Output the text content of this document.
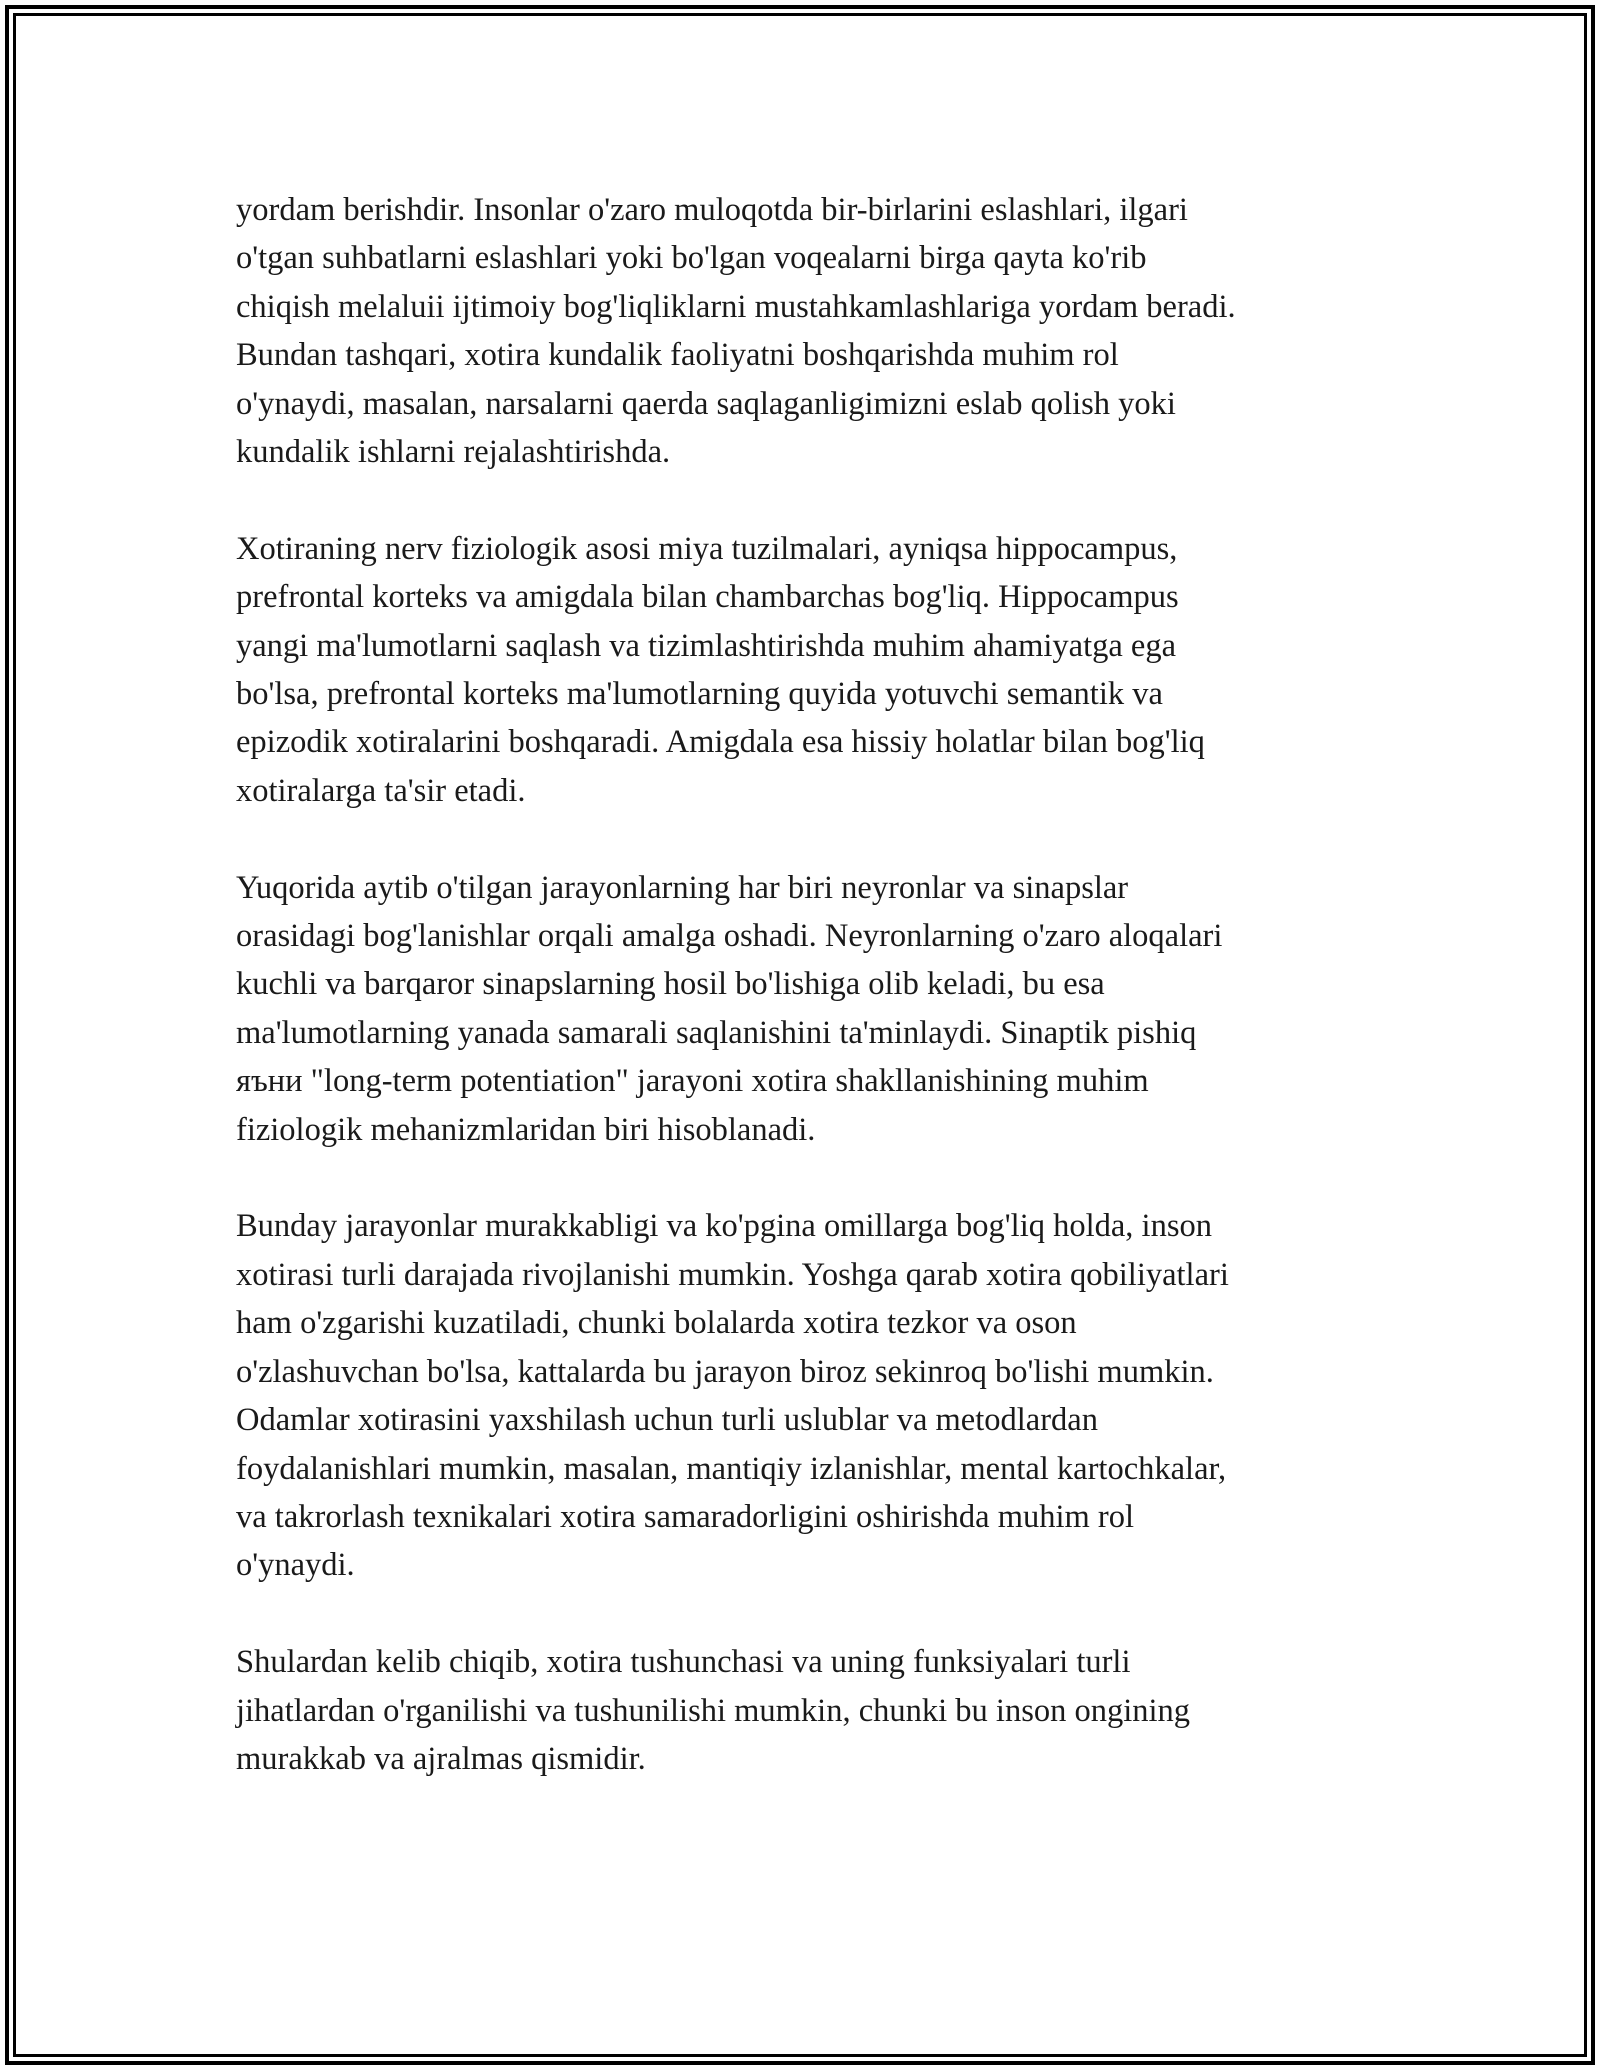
yordam berishdir. Insonlar o'zaro muloqotda bir-birlarini eslashlari, ilgari
o'tgan suhbatlarni eslashlari yoki bo'lgan voqealarni birga qayta ko'rib
chiqish melaluii ijtimoiy bog'liqliklarni mustahkamlashlariga yordam beradi.
Bundan tashqari, xotira kundalik faoliyatni boshqarishda muhim rol
o'ynaydi, masalan, narsalarni qaerda saqlaganligimizni eslab qolish yoki
kundalik ishlarni rejalashtirishda.
Xotiraning nerv fiziologik asosi miya tuzilmalari, ayniqsa hippocampus,
prefrontal korteks va amigdala bilan chambarchas bog'liq. Hippocampus
yangi ma'lumotlarni saqlash va tizimlashtirishda muhim ahamiyatga ega
bo'lsa, prefrontal korteks ma'lumotlarning quyida yotuvchi semantik va
epizodik xotiralarini boshqaradi. Amigdala esa hissiy holatlar bilan bog'liq
xotiralarga ta'sir etadi.
Yuqorida aytib o'tilgan jarayonlarning har biri neyronlar va sinapslar
orasidagi bog'lanishlar orqali amalga oshadi. Neyronlarning o'zaro aloqalari
kuchli va barqaror sinapslarning hosil bo'lishiga olib keladi, bu esa
ma'lumotlarning yanada samarali saqlanishini ta'minlaydi. Sinaptik pishiq
яъни "long-term potentiation" jarayoni xotira shakllanishining muhim
fiziologik mehanizmlaridan biri hisoblanadi.
Bunday jarayonlar murakkabligi va ko'pgina omillarga bog'liq holda, inson
xotirasi turli darajada rivojlanishi mumkin. Yoshga qarab xotira qobiliyatlari
ham o'zgarishi kuzatiladi, chunki bolalarda xotira tezkor va oson
o'zlashuvchan bo'lsa, kattalarda bu jarayon biroz sekinroq bo'lishi mumkin.
Odamlar xotirasini yaxshilash uchun turli uslublar va metodlardan
foydalanishlari mumkin, masalan, mantiqiy izlanishlar, mental kartochkalar,
va takrorlash texnikalari xotira samaradorligini oshirishda muhim rol
o'ynaydi.
Shulardan kelib chiqib, xotira tushunchasi va uning funksiyalari turli
jihatlardan o'rganilishi va tushunilishi mumkin, chunki bu inson ongining
murakkab va ajralmas qismidir.
